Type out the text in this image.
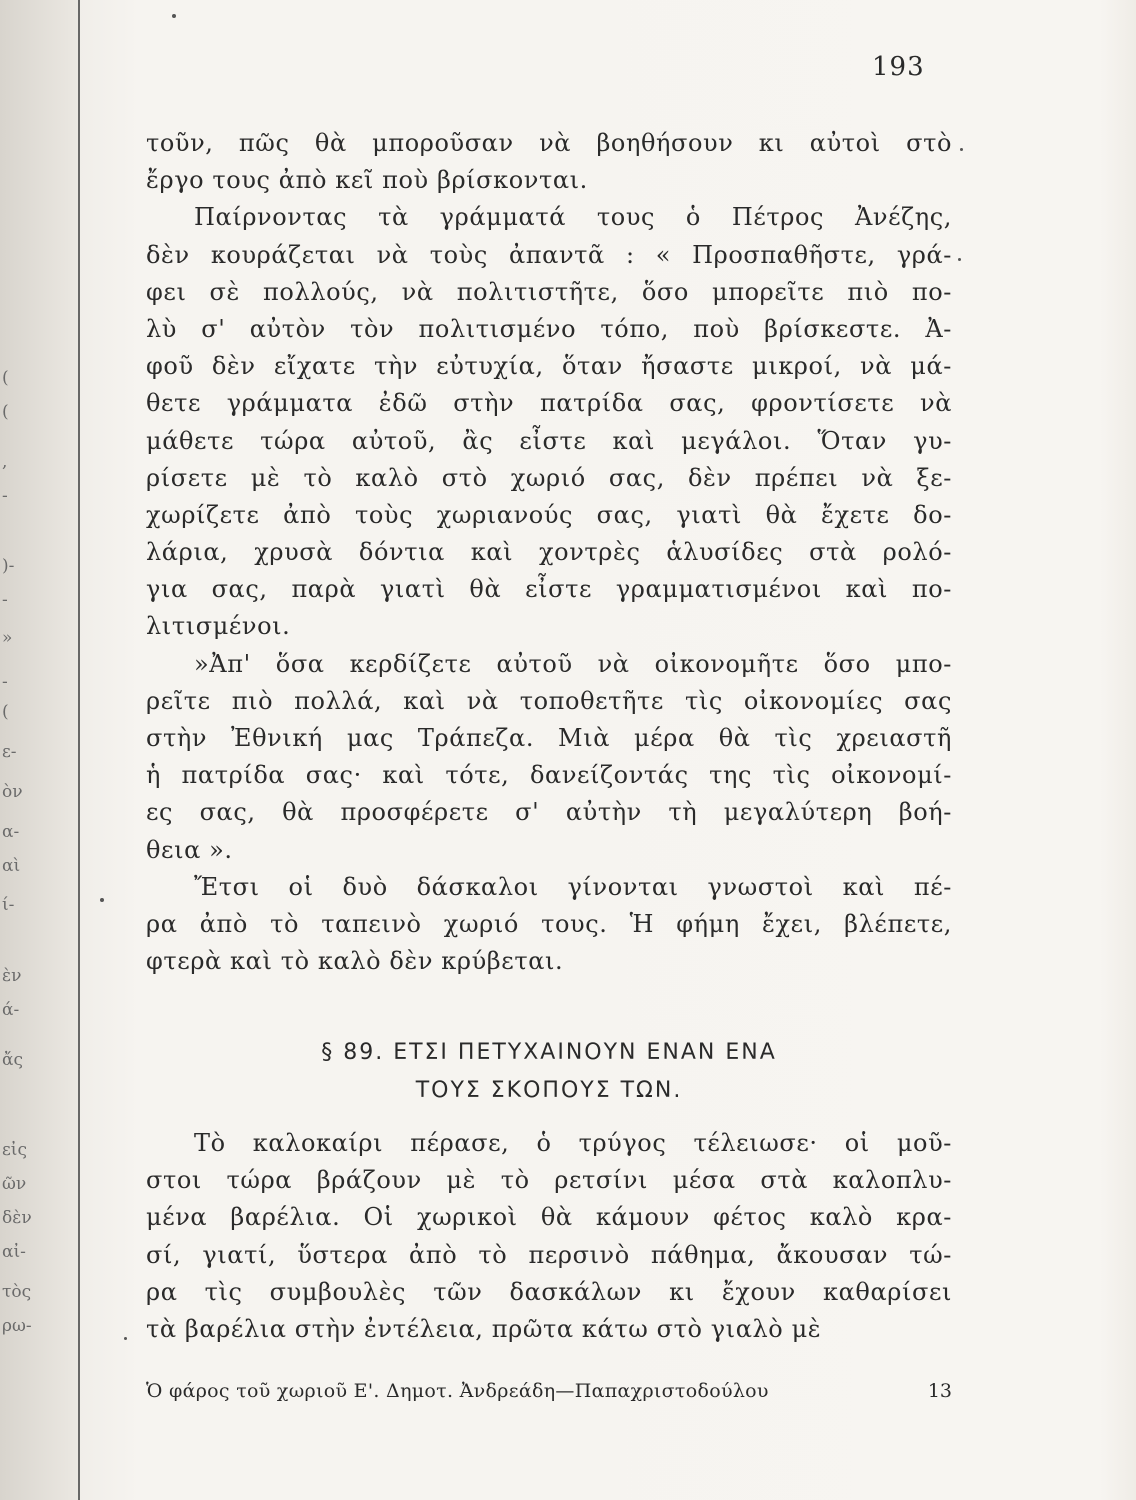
(
(
,
-
)-
-
»
-
(
ε-
ὸν
α-
αὶ
ί-
ὲν
ά-
ἄς
εἰς
ῶν
δὲν
αἰ-
τὸς
ρω-
193
τοῦν, πῶς θὰ μποροῦσαν νὰ βοηθήσουν κι αὐτοὶ στὸ
ἔργο τους ἀπὸ κεῖ ποὺ βρίσκονται.
Παίρνοντας τὰ γράμματά τους ὁ Πέτρος Ἀνέζης,
δὲν κουράζεται νὰ τοὺς ἀπαντᾶ : « Προσπαθῆστε, γρά-
φει σὲ πολλούς, νὰ πολιτιστῆτε, ὅσο μπορεῖτε πιὸ πο-
λὺ σ' αὐτὸν τὸν πολιτισμένο τόπο, ποὺ βρίσκεστε. Ἀ-
φοῦ δὲν εἴχατε τὴν εὐτυχία, ὅταν ἤσαστε μικροί, νὰ μά-
θετε γράμματα ἐδῶ στὴν πατρίδα σας, φροντίσετε νὰ
μάθετε τώρα αὐτοῦ, ἂς εἶστε καὶ μεγάλοι. Ὅταν γυ-
ρίσετε μὲ τὸ καλὸ στὸ χωριό σας, δὲν πρέπει νὰ ξε-
χωρίζετε ἀπὸ τοὺς χωριανούς σας, γιατὶ θὰ ἔχετε δο-
λάρια, χρυσὰ δόντια καὶ χοντρὲς ἁλυσίδες στὰ ρολό-
για σας, παρὰ γιατὶ θὰ εἶστε γραμματισμένοι καὶ πο-
λιτισμένοι.
»Ἀπ' ὅσα κερδίζετε αὐτοῦ νὰ οἰκονομῆτε ὅσο μπο-
ρεῖτε πιὸ πολλά, καὶ νὰ τοποθετῆτε τὶς οἰκονομίες σας
στὴν Ἐθνική μας Τράπεζα. Μιὰ μέρα θὰ τὶς χρειαστῆ
ἡ πατρίδα σας· καὶ τότε, δανείζοντάς της τὶς οἰκονομί-
ες σας, θὰ προσφέρετε σ' αὐτὴν τὴ μεγαλύτερη βοή-
θεια ».
Ἔτσι οἱ δυὸ δάσκαλοι γίνονται γνωστοὶ καὶ πέ-
ρα ἀπὸ τὸ ταπεινὸ χωριό τους. Ἡ φήμη ἔχει, βλέπετε,
φτερὰ καὶ τὸ καλὸ δὲν κρύβεται.
§ 89. ΕΤΣΙ ΠΕΤΥΧΑΙΝΟΥΝ ΕΝΑΝ ΕΝΑ
ΤΟΥΣ ΣΚΟΠΟΥΣ ΤΩΝ.
Τὸ καλοκαίρι πέρασε, ὁ τρύγος τέλειωσε· οἱ μοῦ-
στοι τώρα βράζουν μὲ τὸ ρετσίνι μέσα στὰ καλοπλυ-
μένα βαρέλια. Οἱ χωρικοὶ θὰ κάμουν φέτος καλὸ κρα-
σί, γιατί, ὕστερα ἀπὸ τὸ περσινὸ πάθημα, ἄκουσαν τώ-
ρα τὶς συμβουλὲς τῶν δασκάλων κι ἔχουν καθαρίσει
τὰ βαρέλια στὴν ἐντέλεια, πρῶτα κάτω στὸ γιαλὸ μὲ
Ὁ φάρος τοῦ χωριοῦ Ε'. Δημοτ. Ἀνδρεάδη—Παπαχριστοδούλου	13
